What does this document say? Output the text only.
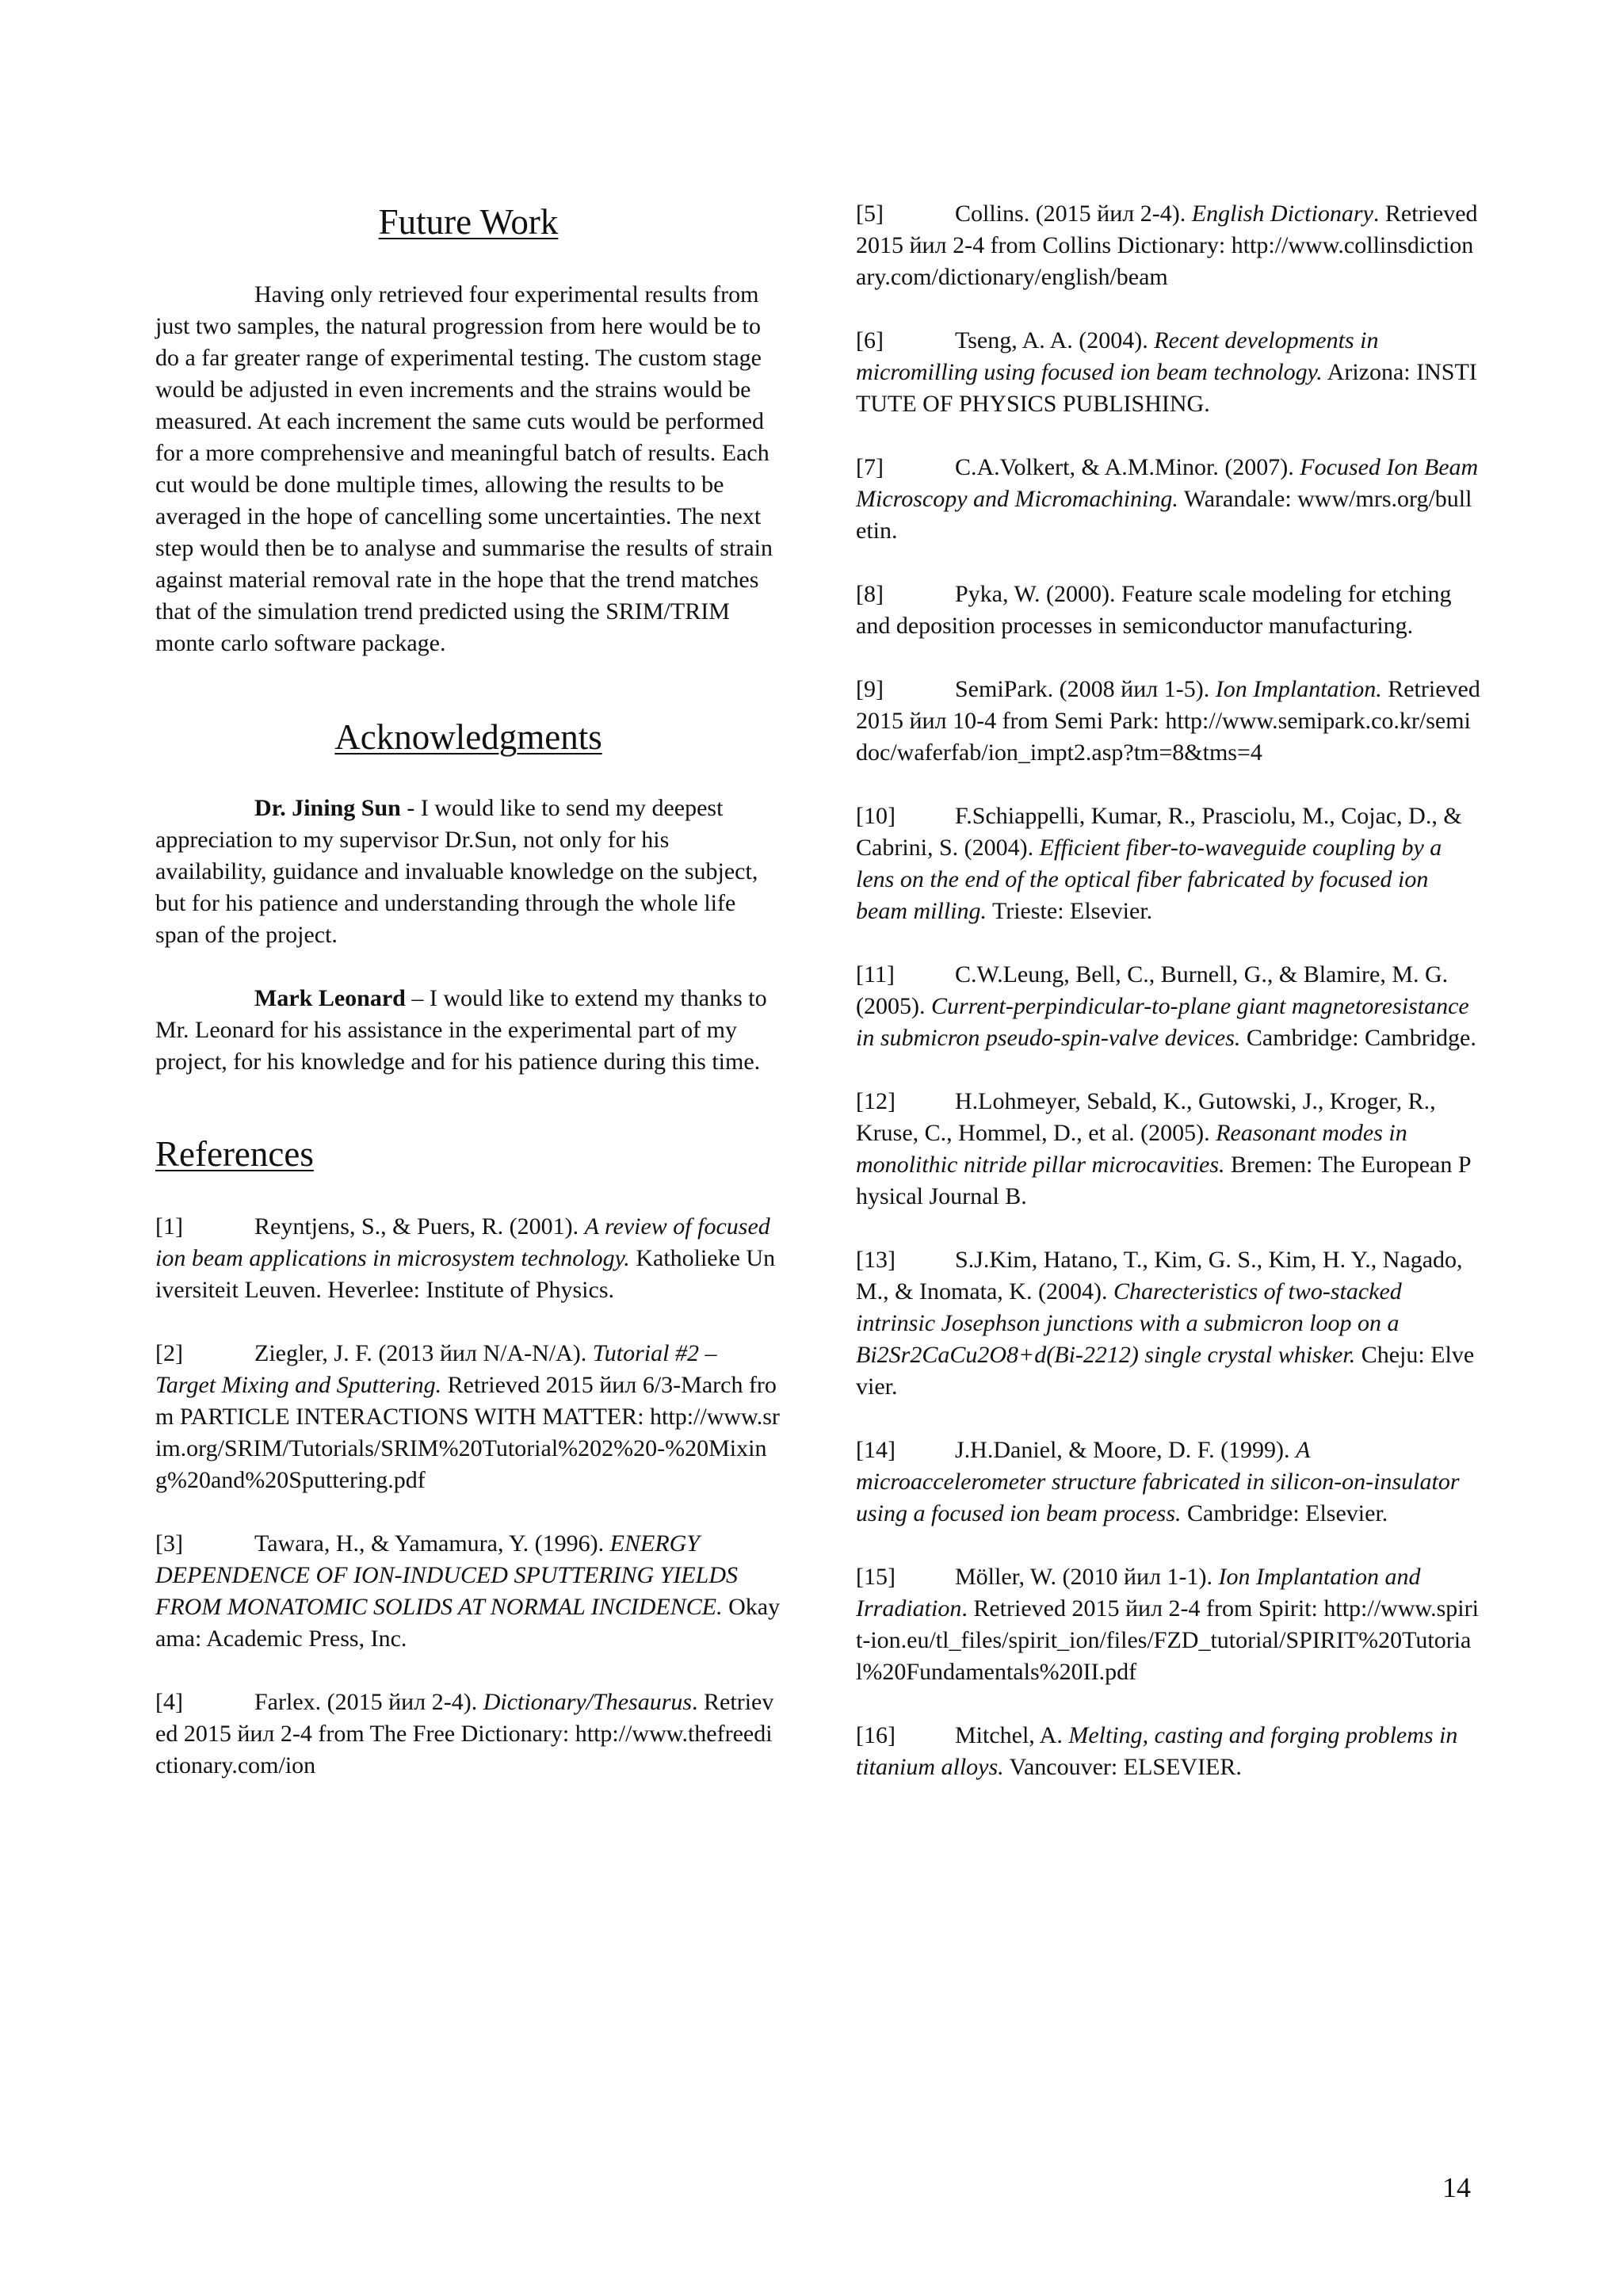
Future Work

Having only retrieved four experimental results from just two samples, the natural progression from here would be to do a far greater range of experimental testing. The custom stage would be adjusted in even increments and the strains would be measured. At each increment the same cuts would be performed for a more comprehensive and meaningful batch of results. Each cut would be done multiple times, allowing the results to be averaged in the hope of cancelling some uncertainties. The next step would then be to analyse and summarise the results of strain against material removal rate in the hope that the trend matches that of the simulation trend predicted using the SRIM/TRIM monte carlo software package.

Acknowledgments

Dr. Jining Sun - I would like to send my deepest appreciation to my supervisor Dr.Sun, not only for his availability, guidance and invaluable knowledge on the subject, but for his patience and understanding through the whole life span of the project.

Mark Leonard – I would like to extend my thanks to Mr. Leonard for his assistance in the experimental part of my project, for his knowledge and for his patience during this time.

References

[1]	Reyntjens, S., & Puers, R. (2001). A review of focused ion beam applications in microsystem technology. Katholieke Universiteit Leuven. Heverlee: Institute of Physics.

[2]	Ziegler, J. F. (2013 йил N/A-N/A). Tutorial #2 – Target Mixing and Sputtering. Retrieved 2015 йил 6/3-March from PARTICLE INTERACTIONS WITH MATTER: http://www.srim.org/SRIM/Tutorials/SRIM%20Tutorial%202%20-%20Mixing%20and%20Sputtering.pdf

[3]	Tawara, H., & Yamamura, Y. (1996). ENERGY DEPENDENCE OF ION-INDUCED SPUTTERING YIELDS FROM MONATOMIC SOLIDS AT NORMAL INCIDENCE. Okayama: Academic Press, Inc.

[4]	Farlex. (2015 йил 2-4). Dictionary/Thesaurus. Retrieved 2015 йил 2-4 from The Free Dictionary: http://www.thefreedictionary.com/ion

[5]	Collins. (2015 йил 2-4). English Dictionary. Retrieved 2015 йил 2-4 from Collins Dictionary: http://www.collinsdictionary.com/dictionary/english/beam

[6]	Tseng, A. A. (2004). Recent developments in micromilling using focused ion beam technology. Arizona: INSTITUTE OF PHYSICS PUBLISHING.

[7]	C.A.Volkert, & A.M.Minor. (2007). Focused Ion Beam Microscopy and Micromachining. Warandale: www/mrs.org/bulletin.

[8]	Pyka, W. (2000). Feature scale modeling for etching and deposition processes in semiconductor manufacturing.

[9]	SemiPark. (2008 йил 1-5). Ion Implantation. Retrieved 2015 йил 10-4 from Semi Park: http://www.semipark.co.kr/semidoc/waferfab/ion_impt2.asp?tm=8&tms=4

[10]	F.Schiappelli, Kumar, R., Prasciolu, M., Cojac, D., & Cabrini, S. (2004). Efficient fiber-to-waveguide coupling by a lens on the end of the optical fiber fabricated by focused ion beam milling. Trieste: Elsevier.

[11]	C.W.Leung, Bell, C., Burnell, G., & Blamire, M. G. (2005). Current-perpindicular-to-plane giant magnetoresistance in submicron pseudo-spin-valve devices. Cambridge: Cambridge.

[12]	H.Lohmeyer, Sebald, K., Gutowski, J., Kroger, R., Kruse, C., Hommel, D., et al. (2005). Reasonant modes in monolithic nitride pillar microcavities. Bremen: The European Physical Journal B.

[13]	S.J.Kim, Hatano, T., Kim, G. S., Kim, H. Y., Nagado, M., & Inomata, K. (2004). Charecteristics of two-stacked intrinsic Josephson junctions with a submicron loop on a Bi2Sr2CaCu2O8+d(Bi-2212) single crystal whisker. Cheju: Elvevier.

[14]	J.H.Daniel, & Moore, D. F. (1999). A microaccelerometer structure fabricated in silicon-on-insulator using a focused ion beam process. Cambridge: Elsevier.

[15]	Möller, W. (2010 йил 1-1). Ion Implantation and Irradiation. Retrieved 2015 йил 2-4 from Spirit: http://www.spirit-ion.eu/tl_files/spirit_ion/files/FZD_tutorial/SPIRIT%20Tutorial%20Fundamentals%20II.pdf

[16]	Mitchel, A. Melting, casting and forging problems in titanium alloys. Vancouver: ELSEVIER.

14
